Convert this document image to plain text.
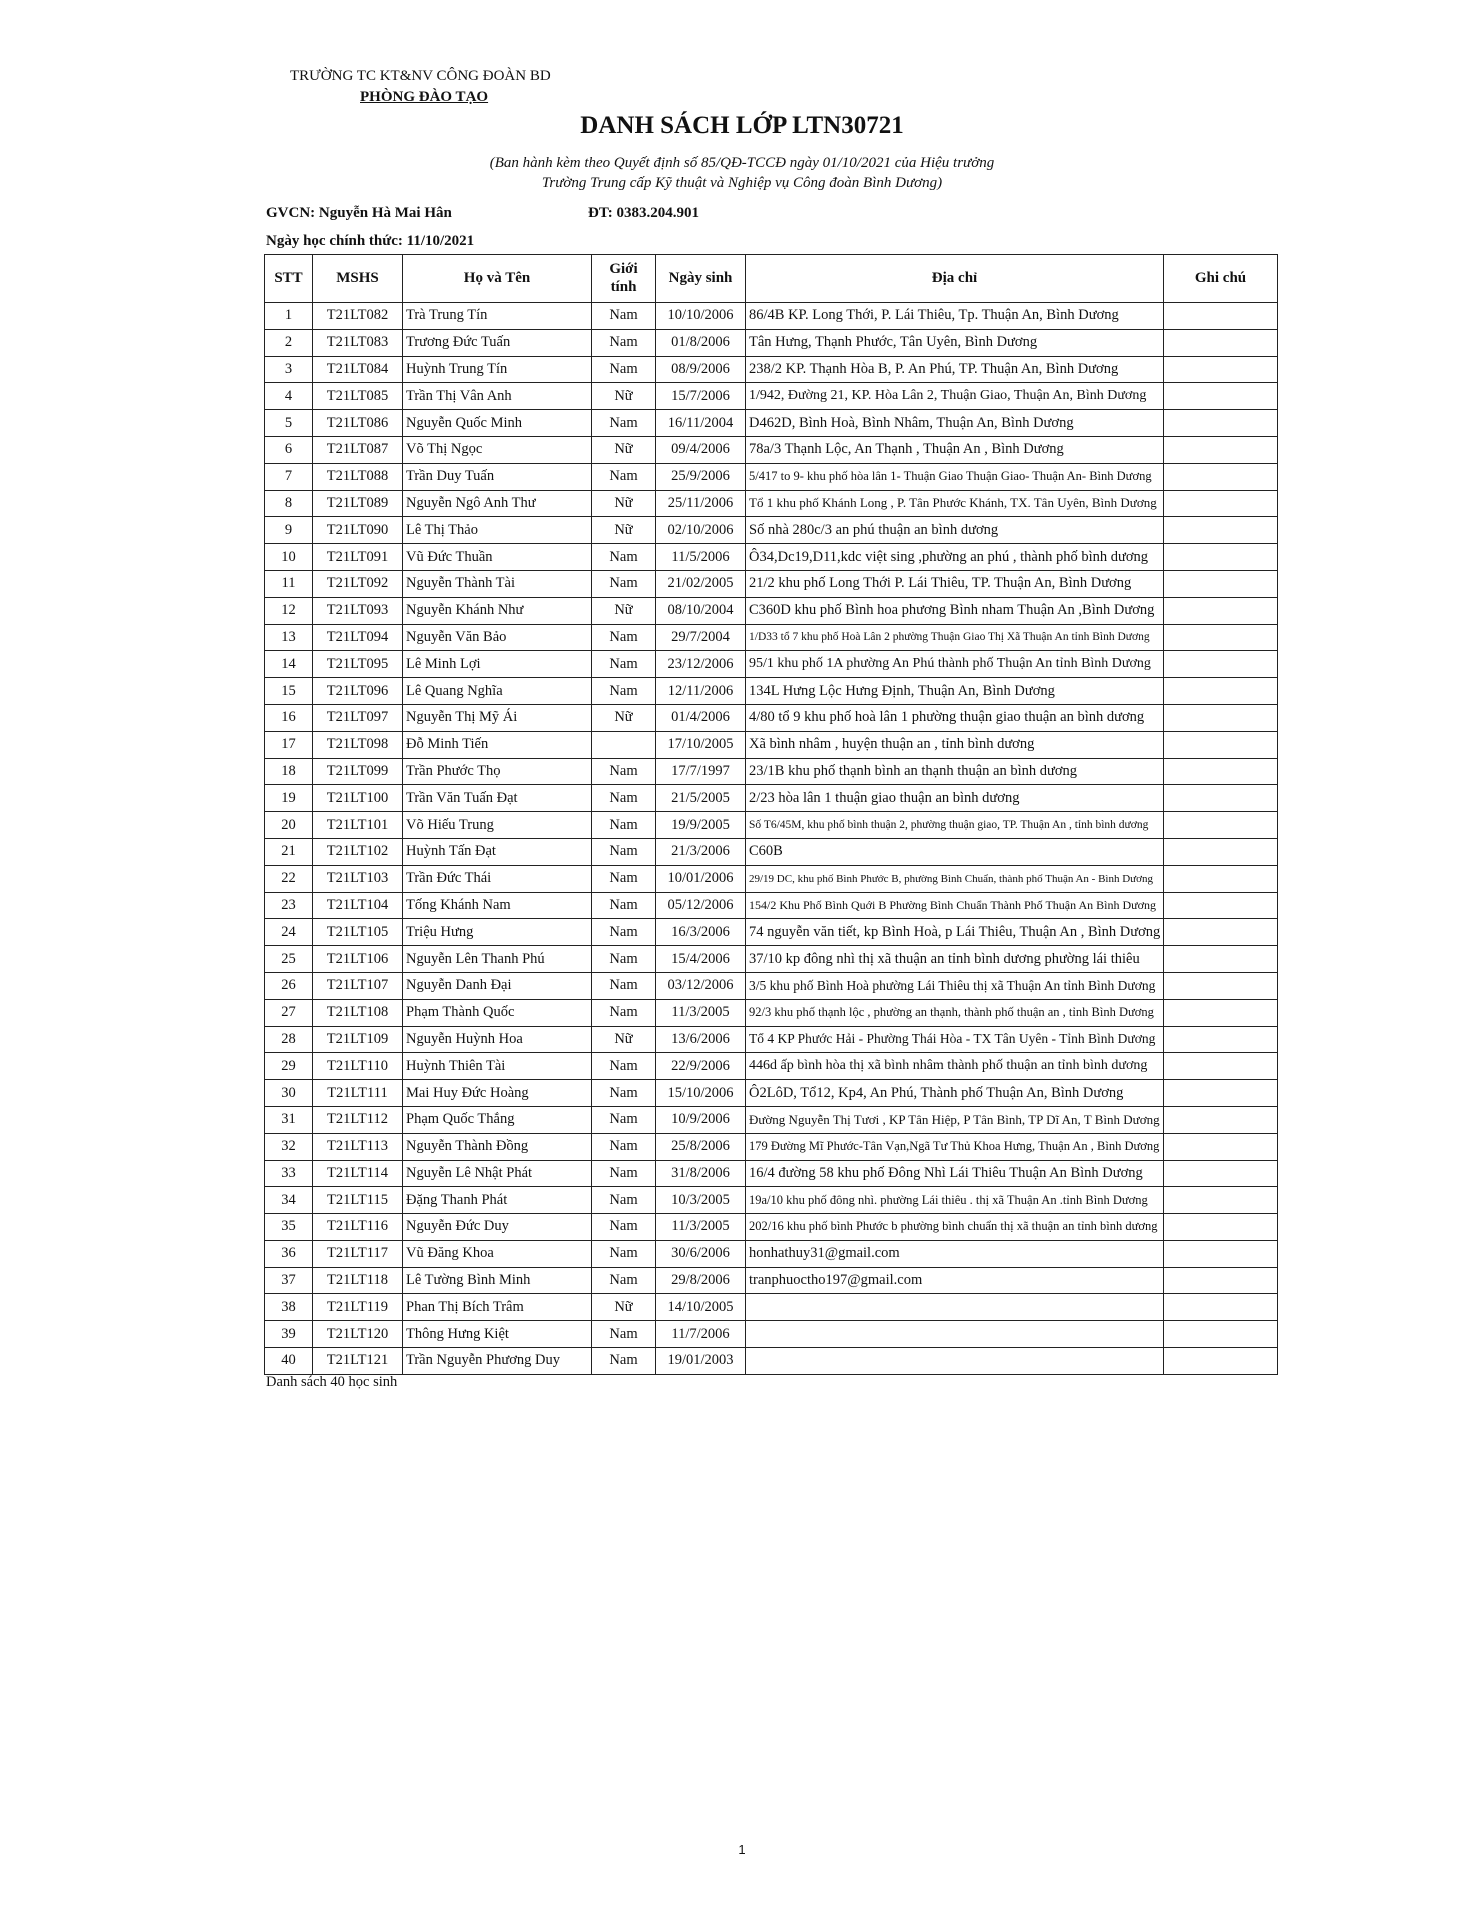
TRƯỜNG TC KT&NV CÔNG ĐOÀN BD
PHÒNG ĐÀO TẠO
DANH SÁCH LỚP LTN30721
(Ban hành kèm theo Quyết định số 85/QĐ-TCCĐ ngày 01/10/2021 của Hiệu trưởng
Trường Trung cấp Kỹ thuật và Nghiệp vụ Công đoàn Bình Dương)
GVCN: Nguyễn Hà Mai Hân	ĐT: 0383.204.901
Ngày học chính thức: 11/10/2021
STT	MSHS	Họ và Tên	Giới tính	Ngày sinh	Địa chỉ	Ghi chú
1	T21LT082	Trà Trung Tín	Nam	10/10/2006	86/4B KP. Long Thới, P. Lái Thiêu, Tp. Thuận An, Bình Dương	
2	T21LT083	Trương Đức Tuấn	Nam	01/8/2006	Tân Hưng, Thạnh Phước, Tân Uyên, Bình Dương	
3	T21LT084	Huỳnh Trung Tín	Nam	08/9/2006	238/2 KP. Thạnh Hòa B, P. An Phú, TP. Thuận An, Bình Dương	
4	T21LT085	Trần Thị Vân Anh	Nữ	15/7/2006	1/942, Đường 21, KP. Hòa Lân 2, Thuận Giao, Thuận An, Bình Dương	
5	T21LT086	Nguyễn Quốc Minh	Nam	16/11/2004	D462D, Bình Hoà, Bình Nhâm, Thuận An, Bình Dương	
6	T21LT087	Võ Thị Ngọc	Nữ	09/4/2006	78a/3 Thạnh Lộc, An Thạnh , Thuận An , Bình Dương	
7	T21LT088	Trần Duy Tuấn	Nam	25/9/2006	5/417 to 9- khu phố hòa lân 1- Thuận Giao Thuận Giao- Thuận An- Bình Dương	
8	T21LT089	Nguyễn Ngô Anh Thư	Nữ	25/11/2006	Tổ 1 khu phố Khánh Long , P. Tân Phước Khánh, TX. Tân Uyên, Bình Dương	
9	T21LT090	Lê Thị Thảo	Nữ	02/10/2006	Số nhà 280c/3 an phú thuận an bình dương	
10	T21LT091	Vũ Đức Thuần	Nam	11/5/2006	Ô34,Dc19,D11,kdc việt sing ,phường an phú , thành phố bình dương	
11	T21LT092	Nguyễn Thành Tài	Nam	21/02/2005	21/2 khu phố Long Thới P. Lái Thiêu, TP. Thuận An, Bình Dương	
12	T21LT093	Nguyễn Khánh Như	Nữ	08/10/2004	C360D khu phố Bình hoa phương Bình nham Thuận An ,Bình Dương	
13	T21LT094	Nguyễn Văn Bảo	Nam	29/7/2004	1/D33 tổ 7 khu phố Hoà Lân 2 phường Thuận Giao Thị Xã Thuận An tỉnh Bình Dương	
14	T21LT095	Lê Minh Lợi	Nam	23/12/2006	95/1 khu phố 1A phường An Phú thành phố Thuận An tỉnh Bình Dương	
15	T21LT096	Lê Quang Nghĩa	Nam	12/11/2006	134L Hưng Lộc Hưng Định, Thuận An, Bình Dương	
16	T21LT097	Nguyễn Thị Mỹ Ái	Nữ	01/4/2006	4/80 tổ 9 khu phố hoà lân 1 phường thuận giao thuận an bình dương	
17	T21LT098	Đỗ Minh Tiến		17/10/2005	Xã bình nhâm , huyện thuận an , tỉnh bình dương	
18	T21LT099	Trần Phước Thọ	Nam	17/7/1997	23/1B khu phố thạnh bình an thạnh thuận an bình dương	
19	T21LT100	Trần Văn Tuấn Đạt	Nam	21/5/2005	2/23 hòa lân 1 thuận giao thuận an bình dương	
20	T21LT101	Võ Hiếu Trung	Nam	19/9/2005	Số T6/45M, khu phố bình thuận 2, phường thuận giao, TP. Thuận An , tỉnh bình dương	
21	T21LT102	Huỳnh Tấn Đạt	Nam	21/3/2006	C60B	
22	T21LT103	Trần Đức Thái	Nam	10/01/2006	29/19 DC, khu phố Bình Phước B, phường Bình Chuẩn, thành phố Thuận An - Bình Dương	
23	T21LT104	Tống Khánh Nam	Nam	05/12/2006	154/2 Khu Phố Bình Quới B Phường Bình Chuẩn Thành Phố Thuận An Bình Dương	
24	T21LT105	Triệu Hưng	Nam	16/3/2006	74 nguyễn văn tiết, kp Bình Hoà, p Lái Thiêu, Thuận An , Bình Dương	
25	T21LT106	Nguyễn Lên Thanh Phú	Nam	15/4/2006	37/10 kp đông nhì thị xã thuận an tỉnh bình dương phường lái thiêu	
26	T21LT107	Nguyễn Danh Đại	Nam	03/12/2006	3/5 khu phố Bình Hoà phường Lái Thiêu thị xã Thuận An tỉnh Bình Dương	
27	T21LT108	Phạm Thành Quốc	Nam	11/3/2005	92/3 khu phố thạnh lộc , phường an thạnh, thành phố thuận an , tỉnh Bình Dương	
28	T21LT109	Nguyễn Huỳnh Hoa	Nữ	13/6/2006	Tổ 4 KP Phước Hải - Phường Thái Hòa - TX Tân Uyên - Tỉnh Bình Dương	
29	T21LT110	Huỳnh Thiên Tài	Nam	22/9/2006	446d ấp bình hòa thị xã bình nhâm thành phố thuận an tỉnh bình dương	
30	T21LT111	Mai Huy Đức Hoàng	Nam	15/10/2006	Ô2LôD, Tổ12, Kp4, An Phú, Thành phố Thuận An, Bình Dương	
31	T21LT112	Phạm Quốc Thắng	Nam	10/9/2006	Đường Nguyễn Thị Tươi , KP Tân Hiệp, P Tân Bình, TP Dĩ An, T Bình Dương	
32	T21LT113	Nguyễn Thành Đồng	Nam	25/8/2006	179 Đường Mĩ Phước-Tân Vạn,Ngã Tư Thủ Khoa Hưng, Thuận An , Bình Dương	
33	T21LT114	Nguyễn Lê Nhật Phát	Nam	31/8/2006	16/4 đường 58 khu phố Đông Nhì Lái Thiêu Thuận An Bình Dương	
34	T21LT115	Đặng Thanh Phát	Nam	10/3/2005	19a/10 khu phố đông nhì. phường Lái thiêu . thị xã Thuận An .tỉnh Bình Dương	
35	T21LT116	Nguyễn Đức Duy	Nam	11/3/2005	202/16 khu phố bình Phước b phường bình chuẩn thị xã thuận an tỉnh bình dương	
36	T21LT117	Vũ Đăng Khoa	Nam	30/6/2006	honhathuy31@gmail.com	
37	T21LT118	Lê Tường Bình Minh	Nam	29/8/2006	tranphuoctho197@gmail.com	
38	T21LT119	Phan Thị Bích Trâm	Nữ	14/10/2005		
39	T21LT120	Thông Hưng Kiệt	Nam	11/7/2006		
40	T21LT121	Trần Nguyễn Phương Duy	Nam	19/01/2003		
Danh sách 40 học sinh
1
